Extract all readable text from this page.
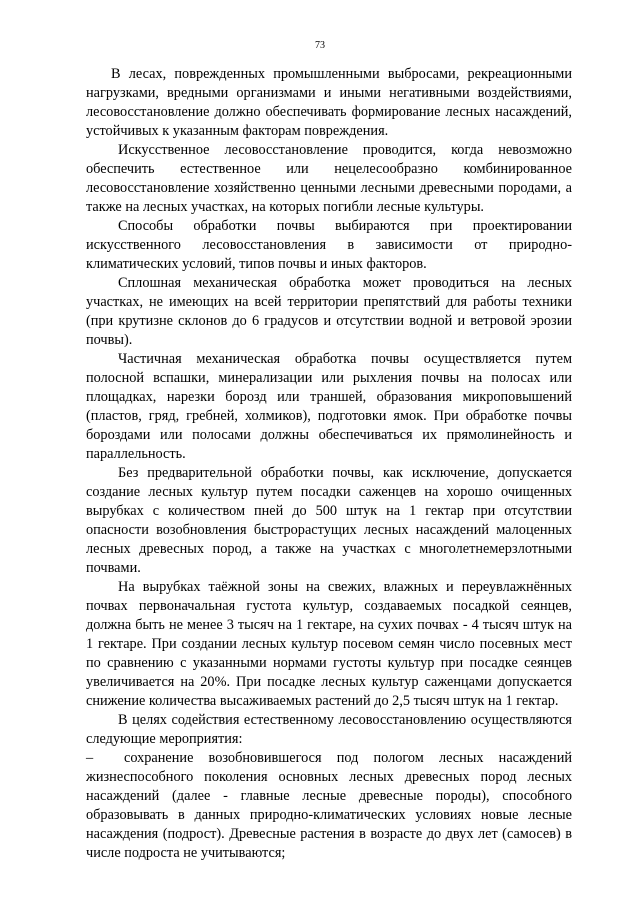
73

В лесах, поврежденных промышленными выбросами, рекреационными нагрузками, вредными организмами и иными негативными воздействиями, лесовосстановление должно обеспечивать формирование лесных насаждений, устойчивых к указанным факторам повреждения.

Искусственное лесовосстановление проводится, когда невозможно обеспечить естественное или нецелесообразно комбинированное лесовосстановление хозяйственно ценными лесными древесными породами, а также на лесных участках, на которых погибли лесные культуры.

Способы обработки почвы выбираются при проектировании искусственного лесовосстановления в зависимости от природно-климатических условий, типов почвы и иных факторов.

Сплошная механическая обработка может проводиться на лесных участках, не имеющих на всей территории препятствий для работы техники (при крутизне склонов до 6 градусов и отсутствии водной и ветровой эрозии почвы).

Частичная механическая обработка почвы осуществляется путем полосной вспашки, минерализации или рыхления почвы на полосах или площадках, нарезки борозд или траншей, образования микроповышений (пластов, гряд, гребней, холмиков), подготовки ямок. При обработке почвы бороздами или полосами должны обеспечиваться их прямолинейность и параллельность.

Без предварительной обработки почвы, как исключение, допускается создание лесных культур путем посадки саженцев на хорошо очищенных вырубках с количеством пней до 500 штук на 1 гектар при отсутствии опасности возобновления быстрорастущих лесных насаждений малоценных лесных древесных пород, а также на участках с многолетнемерзлотными почвами.

На вырубках таёжной зоны на свежих, влажных и переувлажнённых почвах первоначальная густота культур, создаваемых посадкой сеянцев, должна быть не менее 3 тысяч на 1 гектаре, на сухих почвах - 4 тысяч штук на 1 гектаре. При создании лесных культур посевом семян число посевных мест по сравнению с указанными нормами густоты культур при посадке сеянцев увеличивается на 20%. При посадке лесных культур саженцами допускается снижение количества высаживаемых растений до 2,5 тысяч штук на 1 гектар.

В целях содействия естественному лесовосстановлению осуществляются следующие мероприятия:

– сохранение возобновившегося под пологом лесных насаждений жизнеспособного поколения основных лесных древесных пород лесных насаждений (далее - главные лесные древесные породы), способного образовывать в данных природно-климатических условиях новые лесные насаждения (подрост). Древесные растения в возрасте до двух лет (самосев) в числе подроста не учитываются;
